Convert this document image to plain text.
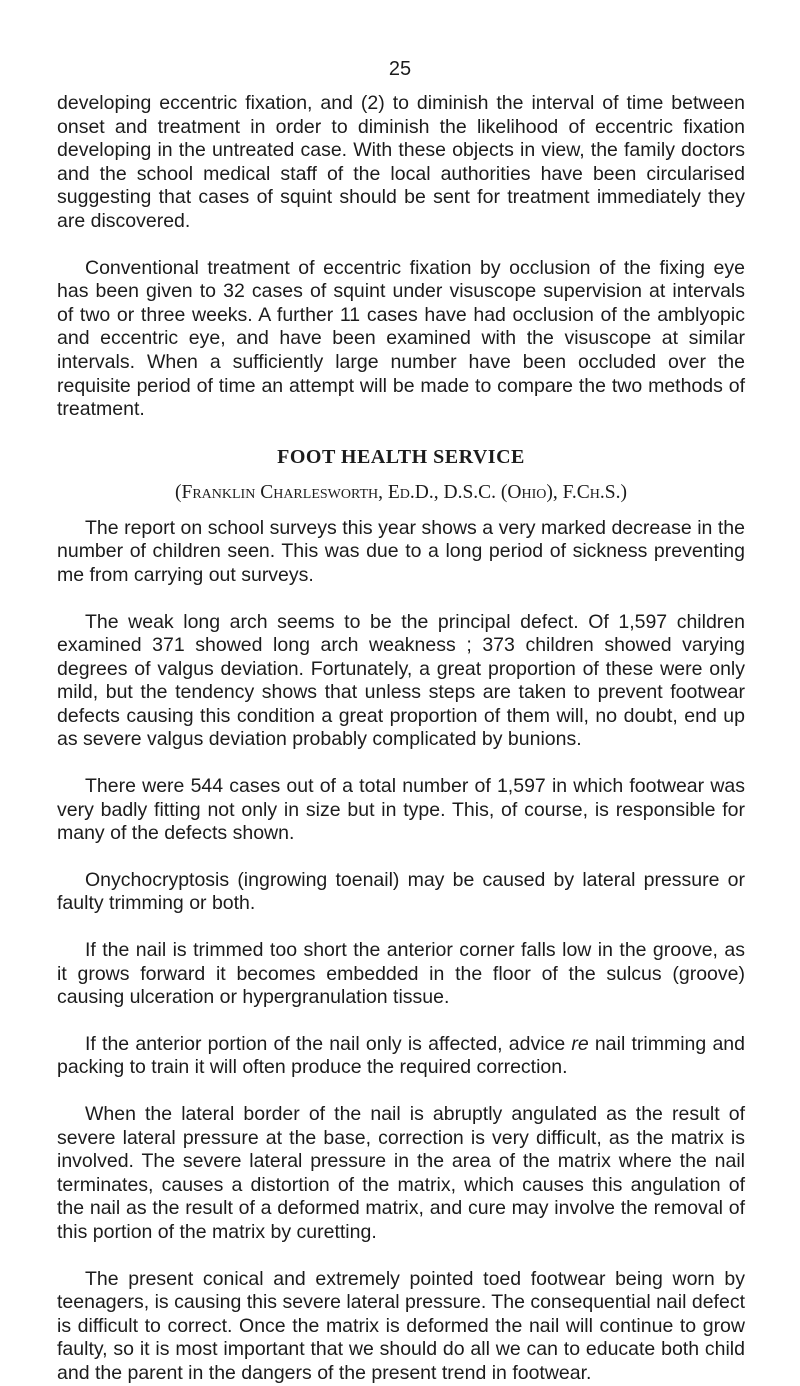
25

developing eccentric fixation, and (2) to diminish the interval of time between onset and treatment in order to diminish the likelihood of eccentric fixation developing in the untreated case. With these objects in view, the family doctors and the school medical staff of the local authorities have been circularised suggesting that cases of squint should be sent for treatment immediately they are discovered.

Conventional treatment of eccentric fixation by occlusion of the fixing eye has been given to 32 cases of squint under visuscope supervision at intervals of two or three weeks. A further 11 cases have had occlusion of the amblyopic and eccentric eye, and have been examined with the visuscope at similar intervals. When a sufficiently large number have been occluded over the requisite period of time an attempt will be made to compare the two methods of treatment.

FOOT HEALTH SERVICE
(Franklin Charlesworth, Ed.D., D.S.C. (Ohio), F.Ch.S.)

The report on school surveys this year shows a very marked decrease in the number of children seen. This was due to a long period of sickness preventing me from carrying out surveys.

The weak long arch seems to be the principal defect. Of 1,597 children examined 371 showed long arch weakness ; 373 children showed varying degrees of valgus deviation. Fortunately, a great proportion of these were only mild, but the tendency shows that unless steps are taken to prevent footwear defects causing this condition a great proportion of them will, no doubt, end up as severe valgus deviation probably complicated by bunions.

There were 544 cases out of a total number of 1,597 in which footwear was very badly fitting not only in size but in type. This, of course, is responsible for many of the defects shown.

Onychocryptosis (ingrowing toenail) may be caused by lateral pressure or faulty trimming or both.

If the nail is trimmed too short the anterior corner falls low in the groove, as it grows forward it becomes embedded in the floor of the sulcus (groove) causing ulceration or hypergranulation tissue.

If the anterior portion of the nail only is affected, advice re nail trimming and packing to train it will often produce the required correction.

When the lateral border of the nail is abruptly angulated as the result of severe lateral pressure at the base, correction is very difficult, as the matrix is involved. The severe lateral pressure in the area of the matrix where the nail terminates, causes a distortion of the matrix, which causes this angulation of the nail as the result of a deformed matrix, and cure may involve the removal of this portion of the matrix by curetting.

The present conical and extremely pointed toed footwear being worn by teenagers, is causing this severe lateral pressure. The consequential nail defect is difficult to correct. Once the matrix is deformed the nail will continue to grow faulty, so it is most important that we should do all we can to educate both child and the parent in the dangers of the present trend in footwear.
